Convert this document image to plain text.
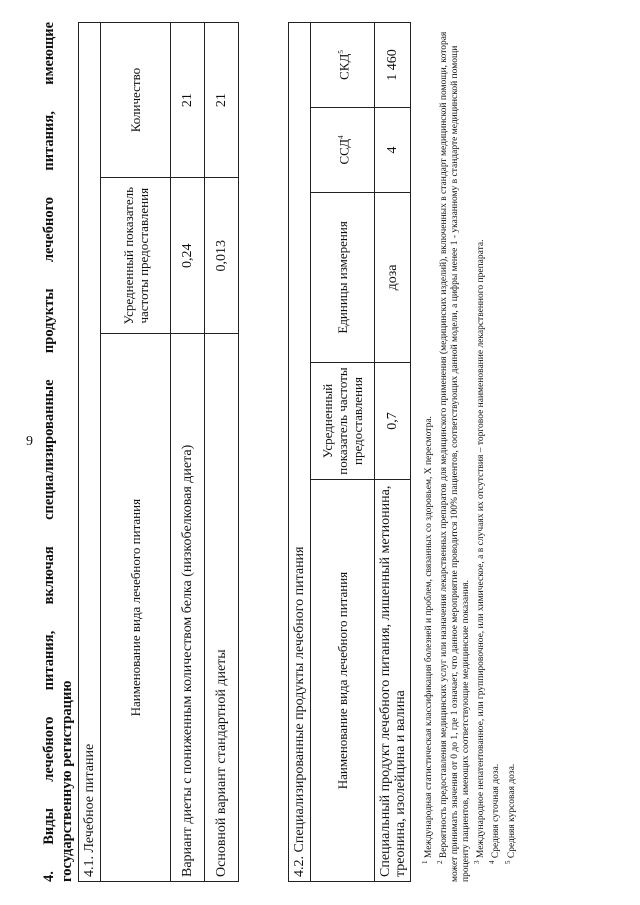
9 4. Виды лечебного питания, включая специализированные продукты лечебного питания, имеющие государственную регистрацию 4.1. Лечебное питание		
Наименование вида лечебного питания	Усредненный показатель частоты предоставления	Количество
Вариант диеты с пониженным количеством белка (низкобелковая диета)	0,24	21
Основной вариант стандартной диеты	0,013	21
4.2. Специализированные продукты лечебного питания				
Наименование вида лечебного питания	Усредненный показатель частоты предоставления	Единицы измерения	ССД$^4$	СКД$^5$
Специальный продукт лечебного питания, лишенный метионина, треонина, изолейцина и валина	0,7	доза	4	1 460

$^1$ Международная статистическая классификация болезней и проблем, связанных со здоровьем, X пересмотра.

$^2$ Вероятность предоставления медицинских услуг или назначения лекарственных препаратов для медицинского применения (медицинских изделий), включенных в стандарт медицинской помощи, которая может принимать значения от 0 до 1, где 1 означает, что данное мероприятие проводится 100% пациентов, соответствующих данной модели, а цифры менее 1 - указанному в стандарте медицинской помощи проценту пациентов, имеющих соответствующие медицинские показания. $^3$ Международное непатентованное, или группировочное, или химическое, а в случаях их отсутствия – торговое наименование лекарственного препарата.

$^4$ Средняя суточная доза.

$^5$ Средняя курсовая доза.
